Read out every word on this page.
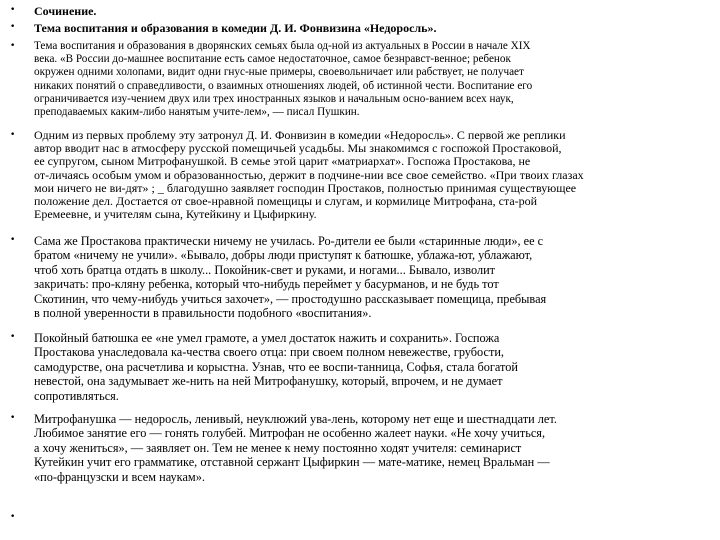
• Сочинение.
• Тема воспитания и образования в комедии Д. И. Фонвизина «Недоросль».
• Тема воспитания и образования в дворянских семьях была од-ной из актуальных в России в начале XIX
века. «В России до-машнее воспитание есть самое недостаточное, самое безнравст-венное; ребенок
окружен одними холопами, видит одни гнус-ные примеры, своевольничает или рабствует, не получает
никаких понятий о справедливости, о взаимных отношениях людей, об истинной чести. Воспитание его
ограничивается изу-чением двух или трех иностранных языков и начальным осно-ванием всех наук,
преподаваемых каким-либо нанятым учите-лем», — писал Пушкин.
• Одним из первых проблему эту затронул Д. И. Фонвизин в комедии «Недоросль». С первой же реплики
автор вводит нас в атмосферу русской помещичьей усадьбы. Мы знакомимся с госпожой Простаковой,
ее супругом, сыном Митрофанушкой. В семье этой царит «матриархат». Госпожа Простакова, не
от-личаясь особым умом и образованностью, держит в подчине-нии все свое семейство. «При твоих глазах
мои ничего не ви-дят» ; _ благодушно заявляет господин Простаков, полностью принимая существующее
положение дел. Достается от свое-нравной помещицы и слугам, и кормилице Митрофана, ста-рой
Еремеевне, и учителям сына, Кутейкину и Цыфиркину.
• Сама же Простакова практически ничему не училась. Ро-дители ее были «старинные люди», ее с
братом «ничему не учили». «Бывало, добры люди приступят к батюшке, ублажа-ют, ублажают,
чтоб хоть братца отдать в школу... Покойник-свет и руками, и ногами... Бывало, изволит
закричать: про-кляну ребенка, который что-нибудь переймет у басурманов, и не будь тот
Скотинин, что чему-нибудь учиться захочет», — простодушно рассказывает помещица, пребывая
в полной уверенности в правильности подобного «воспитания».
• Покойный батюшка ее «не умел грамоте, а умел достаток нажить и сохранить». Госпожа
Простакова унаследовала ка-чества своего отца: при своем полном невежестве, грубости,
самодурстве, она расчетлива и корыстна. Узнав, что ее воспи-танница, Софья, стала богатой
невестой, она задумывает же-нить на ней Митрофанушку, который, впрочем, и не думает
сопротивляться.
• Митрофанушка — недоросль, ленивый, неуклюжий ува-лень, которому нет еще и шестнадцати лет.
Любимое занятие его — гонять голубей. Митрофан не особенно жалеет науки. «Не хочу учиться,
а хочу жениться», — заявляет он. Тем не менее к нему постоянно ходят учителя: семинарист
Кутейкин учит его грамматике, отставной сержант Цыфиркин — мате-матике, немец Вральман —
«по-французски и всем наукам».
•
